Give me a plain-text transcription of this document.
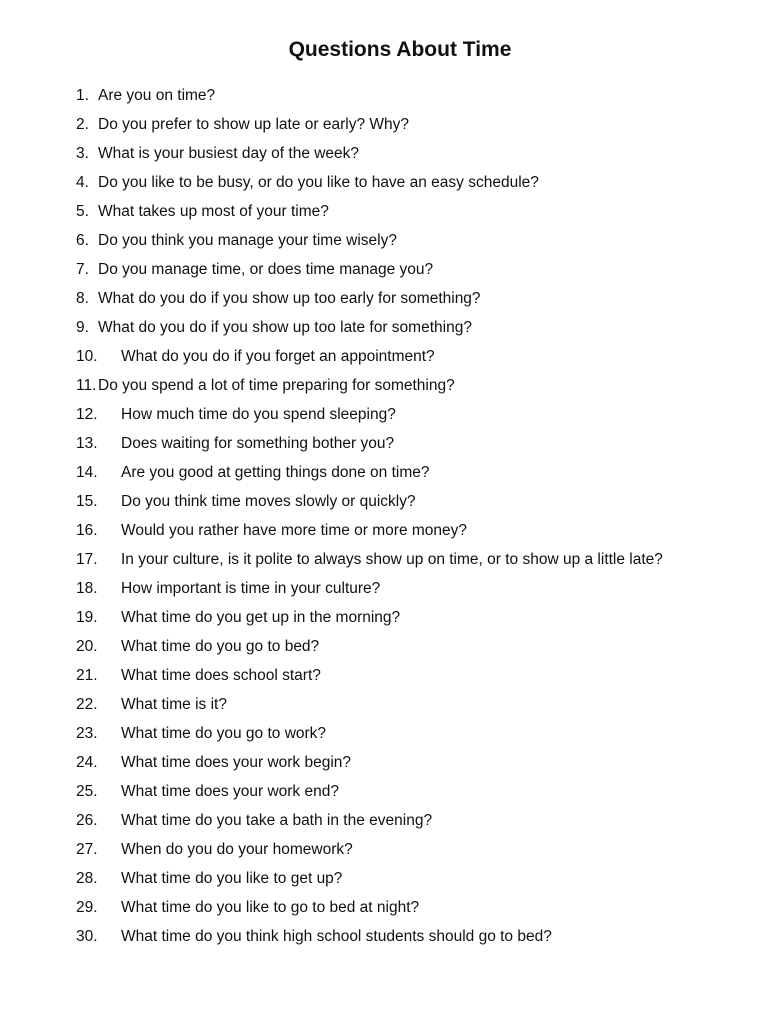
Questions About Time
1. Are you on time?
2. Do you prefer to show up late or early? Why?
3. What is your busiest day of the week?
4. Do you like to be busy, or do you like to have an easy schedule?
5. What takes up most of your time?
6. Do you think you manage your time wisely?
7. Do you manage time, or does time manage you?
8. What do you do if you show up too early for something?
9. What do you do if you show up too late for something?
10. What do you do if you forget an appointment?
11. Do you spend a lot of time preparing for something?
12. How much time do you spend sleeping?
13. Does waiting for something bother you?
14. Are you good at getting things done on time?
15. Do you think time moves slowly or quickly?
16. Would you rather have more time or more money?
17. In your culture, is it polite to always show up on time, or to show up a little late?
18. How important is time in your culture?
19. What time do you get up in the morning?
20. What time do you go to bed?
21. What time does school start?
22. What time is it?
23. What time do you go to work?
24. What time does your work begin?
25. What time does your work end?
26. What time do you take a bath in the evening?
27. When do you do your homework?
28. What time do you like to get up?
29. What time do you like to go to bed at night?
30. What time do you think high school students should go to bed?
